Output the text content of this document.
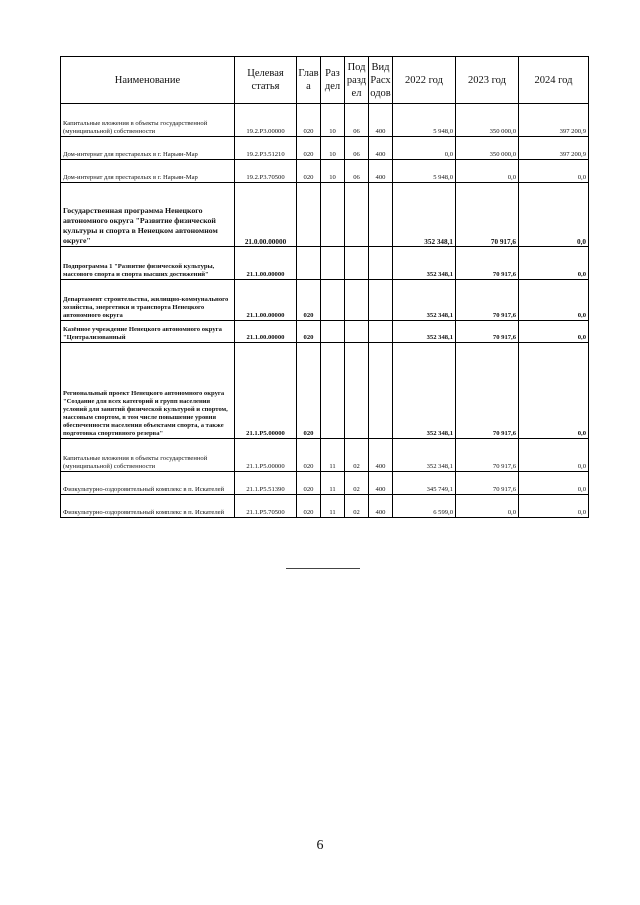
Наименование	Целевая статья	Глав а	Раз дел	Под разд ел	Вид Расх одов	2022 год	2023 год	2024 год
Капитальные вложения в объекты государственной (муниципальной) собственности	19.2.P3.00000	020	10	06	400	5 948,0	350 000,0	397 200,9
Дом-интернат для престарелых в г. Нарьян-Мар	19.2.P3.51210	020	10	06	400	0,0	350 000,0	397 200,9
Дом-интернат для престарелых в г. Нарьян-Мар	19.2.P3.70500	020	10	06	400	5 948,0	0,0	0,0
Государственная программа Ненецкого автономного округа "Развитие физической культуры и спорта в Ненецком автономном округе"	21.0.00.00000					352 348,1	70 917,6	0,0
Подпрограмма 1 "Развитие физической культуры, массового спорта и спорта высших достижений"	21.1.00.00000					352 348,1	70 917,6	0,0
Департамент строительства, жилищно-коммунального хозяйства, энергетики и транспорта Ненецкого автономного округа	21.1.00.00000	020				352 348,1	70 917,6	0,0
Казённое учреждение Ненецкого автономного округа "Централизованный	21.1.00.00000	020				352 348,1	70 917,6	0,0
Региональный проект Ненецкого автономного округа "Создание для всех категорий и групп населения условий для занятий физической культурой и спортом, массовым спортом, в том числе повышение уровня обеспеченности населения объектами спорта, а также подготовка спортивного резерва"	21.1.P5.00000	020				352 348,1	70 917,6	0,0
Капитальные вложения в объекты государственной (муниципальной) собственности	21.1.P5.00000	020	11	02	400	352 348,1	70 917,6	0,0
Физкультурно-оздоровительный комплекс в п. Искателей	21.1.P5.51390	020	11	02	400	345 749,1	70 917,6	0,0
Физкультурно-оздоровительный комплекс в п. Искателей	21.1.P5.70500	020	11	02	400	6 599,0	0,0	0,0
6
